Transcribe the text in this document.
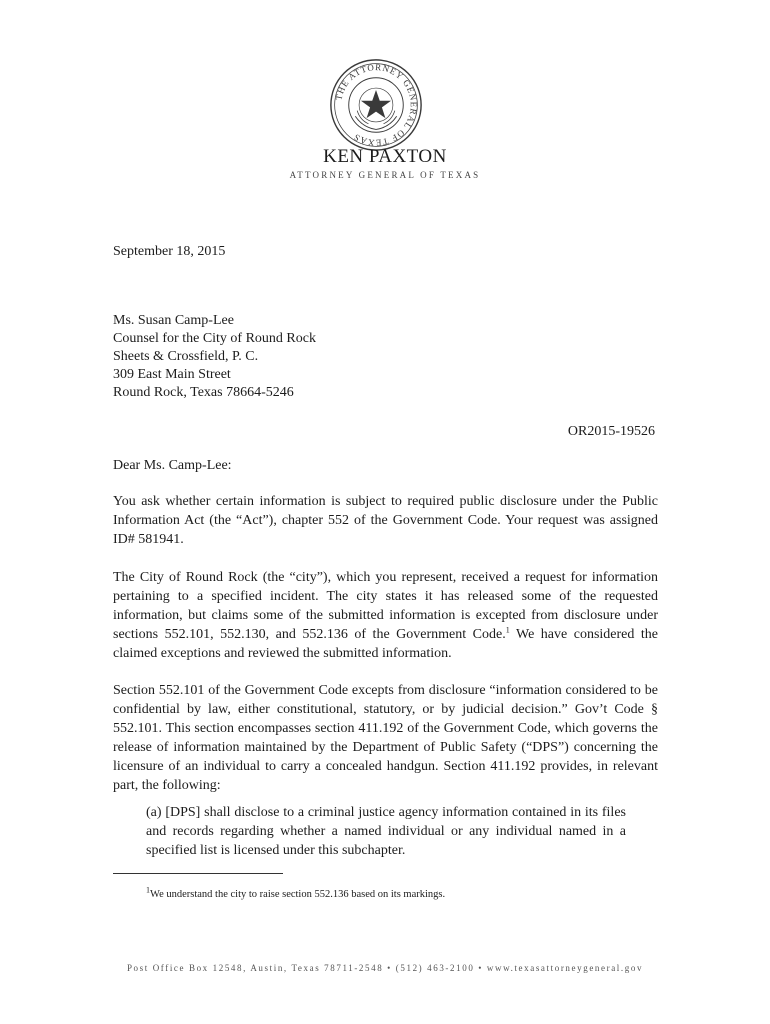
THE ATTORNEY GENERAL OF TEXAS
KEN PAXTON
ATTORNEY GENERAL OF TEXAS
September 18, 2015
Ms. Susan Camp-Lee
Counsel for the City of Round Rock
Sheets & Crossfield, P. C.
309 East Main Street
Round Rock, Texas 78664-5246
OR2015-19526
Dear Ms. Camp-Lee:

You ask whether certain information is subject to required public disclosure under the Public Information Act (the “Act”), chapter 552 of the Government Code. Your request was assigned ID# 581941.

The City of Round Rock (the “city”), which you represent, received a request for information pertaining to a specified incident. The city states it has released some of the requested information, but claims some of the submitted information is excepted from disclosure under sections 552.101, 552.130, and 552.136 of the Government Code.$^1$ We have considered the claimed exceptions and reviewed the submitted information.

Section 552.101 of the Government Code excepts from disclosure “information considered to be confidential by law, either constitutional, statutory, or by judicial decision.” Gov’t Code § 552.101. This section encompasses section 411.192 of the Government Code, which governs the release of information maintained by the Department of Public Safety (“DPS”) concerning the licensure of an individual to carry a concealed handgun. Section 411.192 provides, in relevant part, the following:

(a) [DPS] shall disclose to a criminal justice agency information contained in its files and records regarding whether a named individual or any individual named in a specified list is licensed under this subchapter.

$^1$We understand the city to raise section 552.136 based on its markings.
Post Office Box 12548, Austin, Texas 78711-2548 • (512) 463-2100 • www.texasattorneygeneral.gov
